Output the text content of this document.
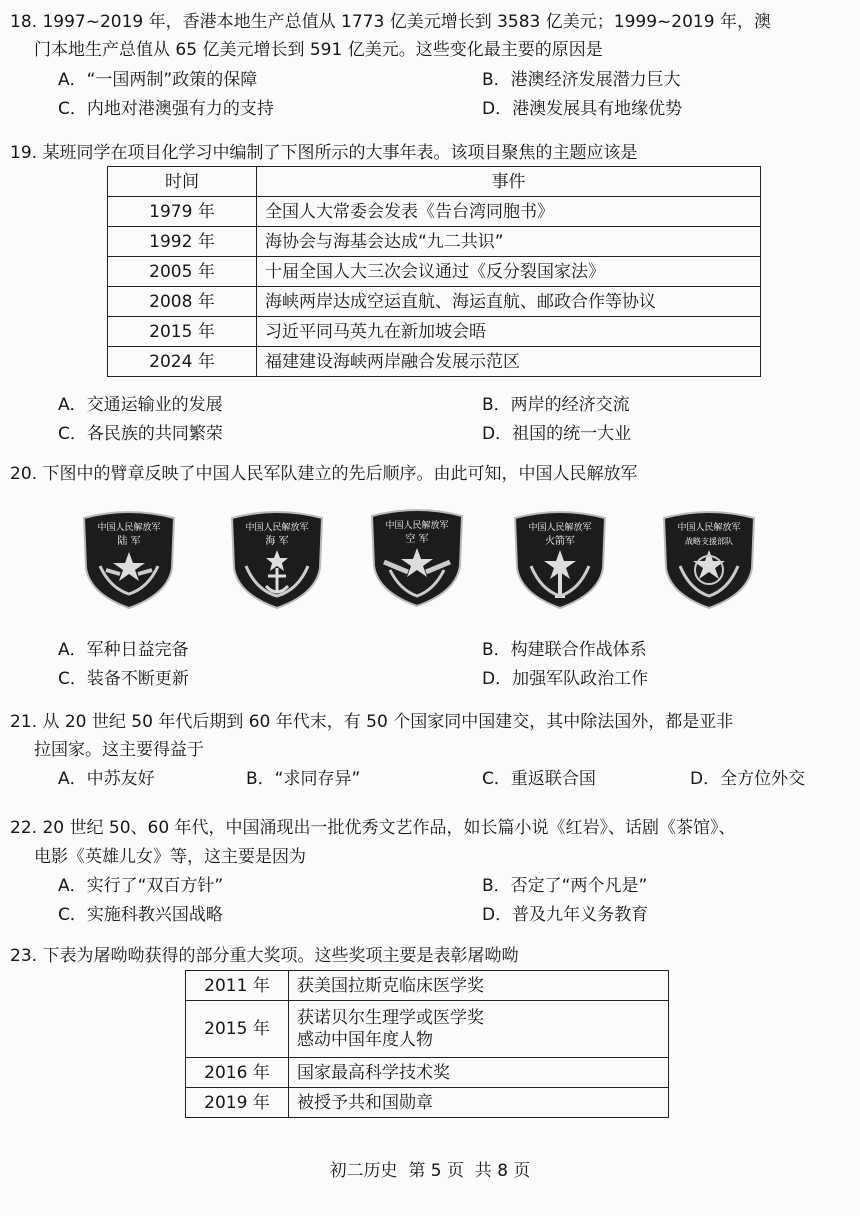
18. 1997~2019 年，香港本地生产总值从 1773 亿美元增长到 3583 亿美元；1999~2019 年，澳
门本地生产总值从 65 亿美元增长到 591 亿美元。这些变化最主要的原因是
A．“一国两制”政策的保障	B．港澳经济发展潜力巨大
C．内地对港澳强有力的支持	D．港澳发展具有地缘优势
19. 某班同学在项目化学习中编制了下图所示的大事年表。该项目聚焦的主题应该是
时间	事件
1979 年	全国人大常委会发表《告台湾同胞书》
1992 年	海协会与海基会达成“九二共识”
2005 年	十届全国人大三次会议通过《反分裂国家法》
2008 年	海峡两岸达成空运直航、海运直航、邮政合作等协议
2015 年	习近平同马英九在新加坡会晤
2024 年	福建建设海峡两岸融合发展示范区
A．交通运输业的发展	B．两岸的经济交流
C．各民族的共同繁荣	D．祖国的统一大业
20. 下图中的臂章反映了中国人民军队建立的先后顺序。由此可知，中国人民解放军
中国人民解放军
陆 军
中国人民解放军
海 军
中国人民解放军
空 军
中国人民解放军
火箭军
中国人民解放军
战略支援部队
A．军种日益完备	B．构建联合作战体系
C．装备不断更新	D．加强军队政治工作
21. 从 20 世纪 50 年代后期到 60 年代末，有 50 个国家同中国建交，其中除法国外，都是亚非
拉国家。这主要得益于
A．中苏友好	B．“求同存异”	C．重返联合国	D．全方位外交
22. 20 世纪 50、60 年代，中国涌现出一批优秀文艺作品，如长篇小说《红岩》、话剧《茶馆》、
电影《英雄儿女》等，这主要是因为
A．实行了“双百方针”	B．否定了“两个凡是”
C．实施科教兴国战略	D．普及九年义务教育
23. 下表为屠呦呦获得的部分重大奖项。这些奖项主要是表彰屠呦呦
2011 年	获美国拉斯克临床医学奖
2015 年	获诺贝尔生理学或医学奖
感动中国年度人物

2016 年	国家最高科学技术奖
2019 年	被授予共和国勋章
初二历史  第 5 页  共 8 页
